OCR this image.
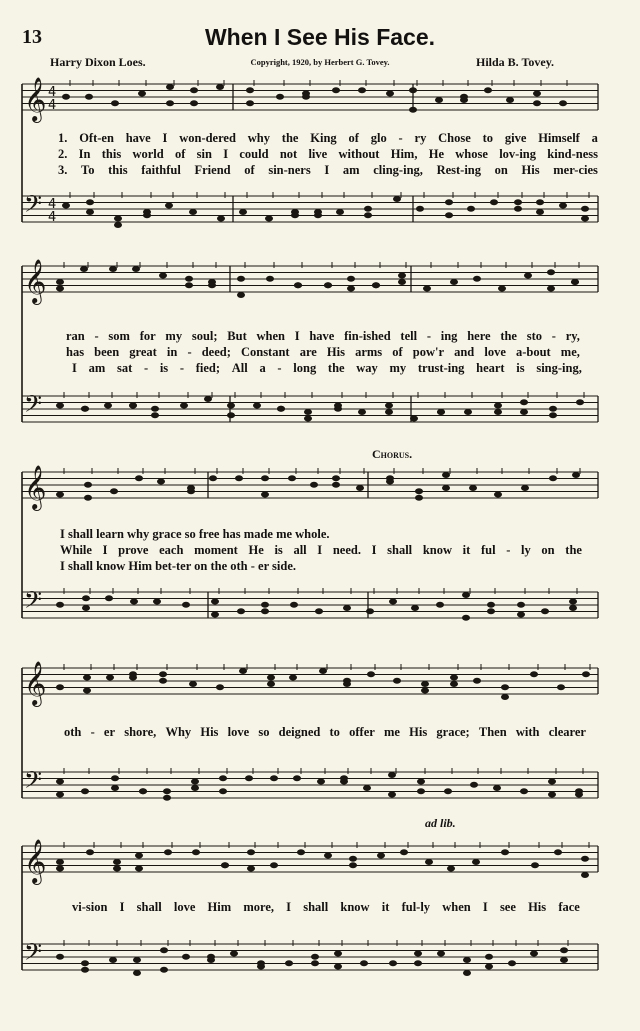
13	When I See His Face.
Harry Dixon Loes.	Copyright, 1920, by Herbert G. Tovey.	Hilda B. Tovey.
Chorus.
ad lib.
1. Oft-en have I won-dered why the King of glo - ry Chose to give Himself a
2. In this world of sin I could not live without Him, He whose lov-ing kind-ness
3. To this faithful Friend of sin-ners I am cling-ing, Rest-ing on His mer-cies
ran - som for my soul; But when I have fin-ished tell - ing here the sto - ry,
has been great in - deed; Constant are His arms of pow'r and love a-bout me,
I am sat - is - fied; All a - long the way my trust-ing heart is sing-ing,
I shall learn why grace so free has made me whole.
While I prove each moment He is all I need. I shall know it ful - ly on the
I shall know Him bet-ter on the oth - er side.
oth - er shore, Why His love so deigned to offer me His grace; Then with clearer
vi-sion I shall love Him more, I shall know it ful-ly when I see His face
𝄞 4
4
𝄢 4
4
𝄞
𝄢
𝄞
𝄢
𝄞
𝄢
𝄞
𝄢
